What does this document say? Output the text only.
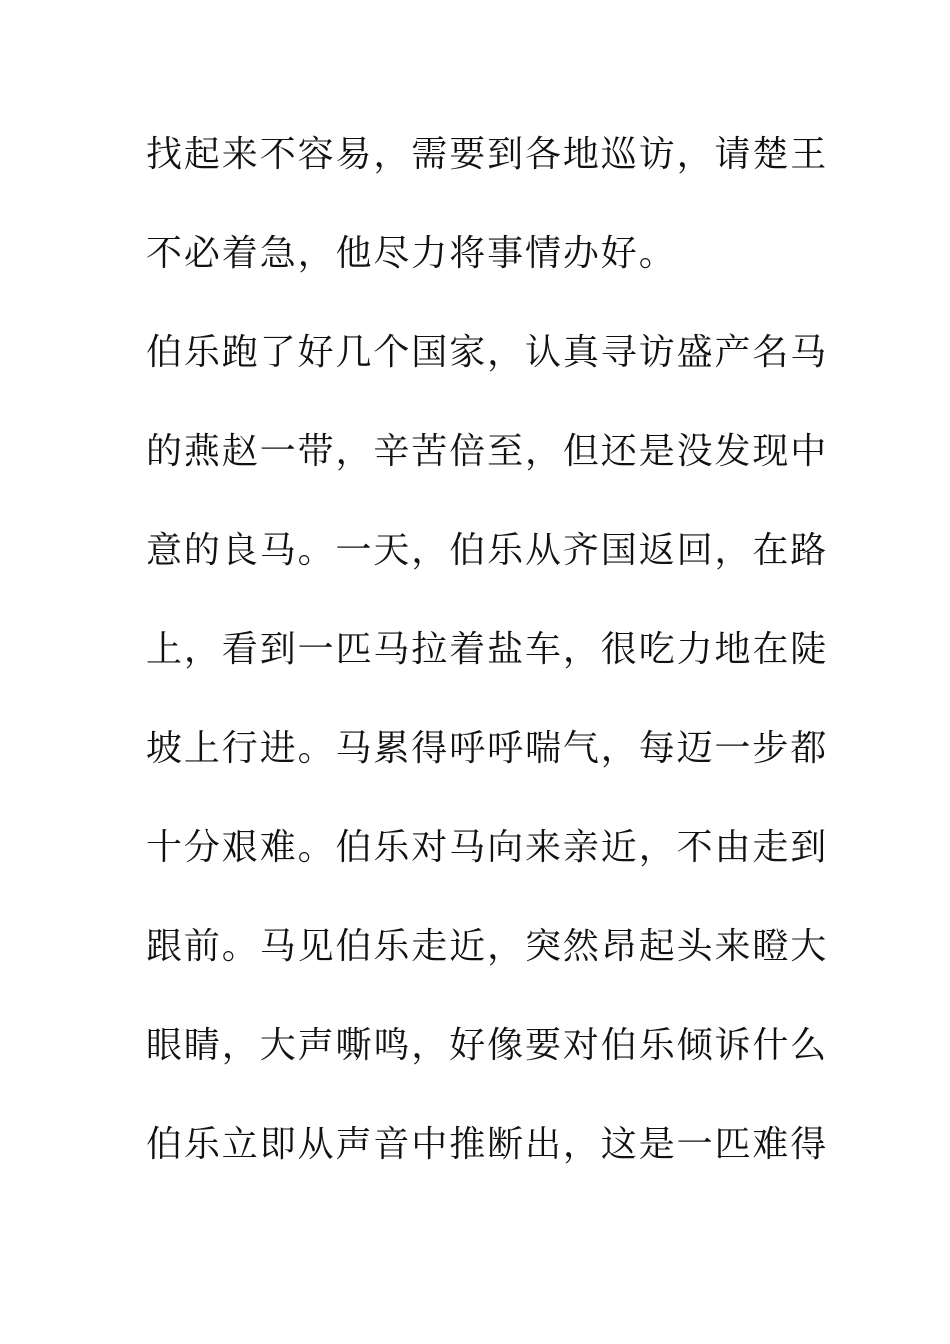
找起来不容易，需要到各地巡访，请楚王
不必着急，他尽力将事情办好。
伯乐跑了好几个国家，认真寻访盛产名马
的燕赵一带，辛苦倍至，但还是没发现中
意的良马。一天，伯乐从齐国返回，在路
上，看到一匹马拉着盐车，很吃力地在陡
坡上行进。马累得呼呼喘气，每迈一步都
十分艰难。伯乐对马向来亲近，不由走到
跟前。马见伯乐走近，突然昂起头来瞪大
眼睛，大声嘶鸣，好像要对伯乐倾诉什么
伯乐立即从声音中推断出，这是一匹难得
